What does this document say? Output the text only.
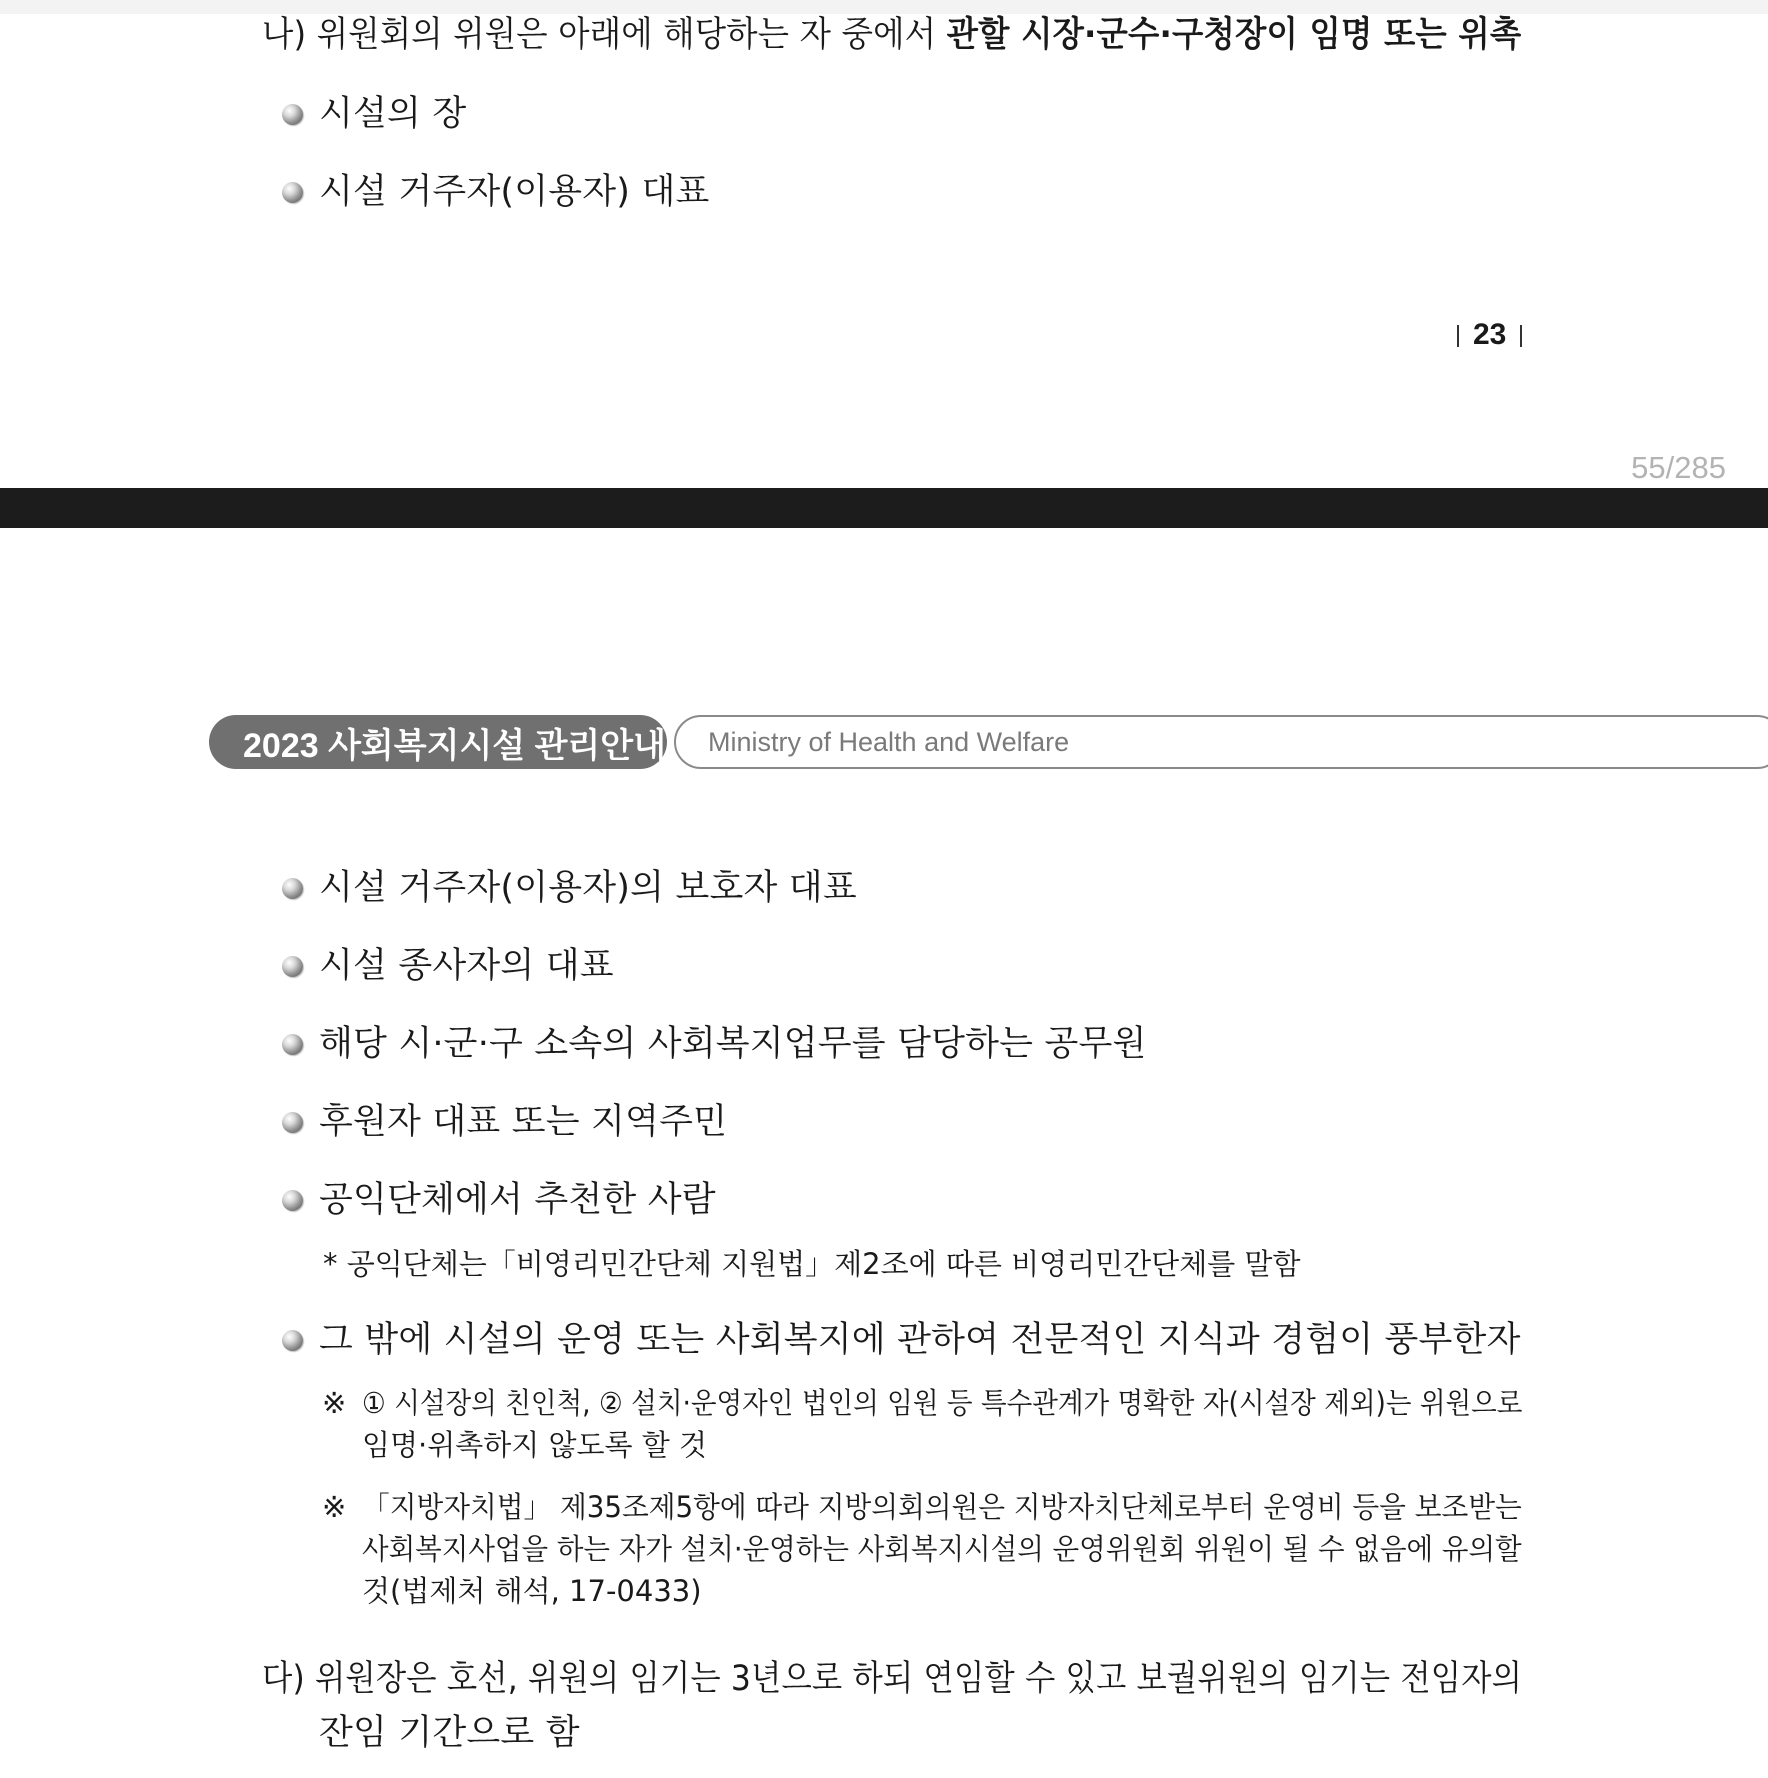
나) 위원회의 위원은 아래에 해당하는 자 중에서 관할 시장·군수·구청장이 임명 또는 위촉
시설의 장
시설 거주자(이용자) 대표
23
55/285
2023 사회복지시설 관리안내	Ministry of Health and Welfare
시설 거주자(이용자)의 보호자 대표
시설 종사자의 대표
해당 시·군·구 소속의 사회복지업무를 담당하는 공무원
후원자 대표 또는 지역주민
공익단체에서 추천한 사람
* 공익단체는「비영리민간단체 지원법」제2조에 따른 비영리민간단체를 말함
그 밖에 시설의 운영 또는 사회복지에 관하여 전문적인 지식과 경험이 풍부한자
※ ① 시설장의 친인척, ② 설치·운영자인 법인의 임원 등 특수관계가 명확한 자(시설장 제외)는 위원으로
임명·위촉하지 않도록 할 것
※ 「지방자치법」 제35조제5항에 따라 지방의회의원은 지방자치단체로부터 운영비 등을 보조받는
사회복지사업을 하는 자가 설치·운영하는 사회복지시설의 운영위원회 위원이 될 수 없음에 유의할
것(법제처 해석, 17-0433)
다) 위원장은 호선, 위원의 임기는 3년으로 하되 연임할 수 있고 보궐위원의 임기는 전임자의
잔임 기간으로 함
